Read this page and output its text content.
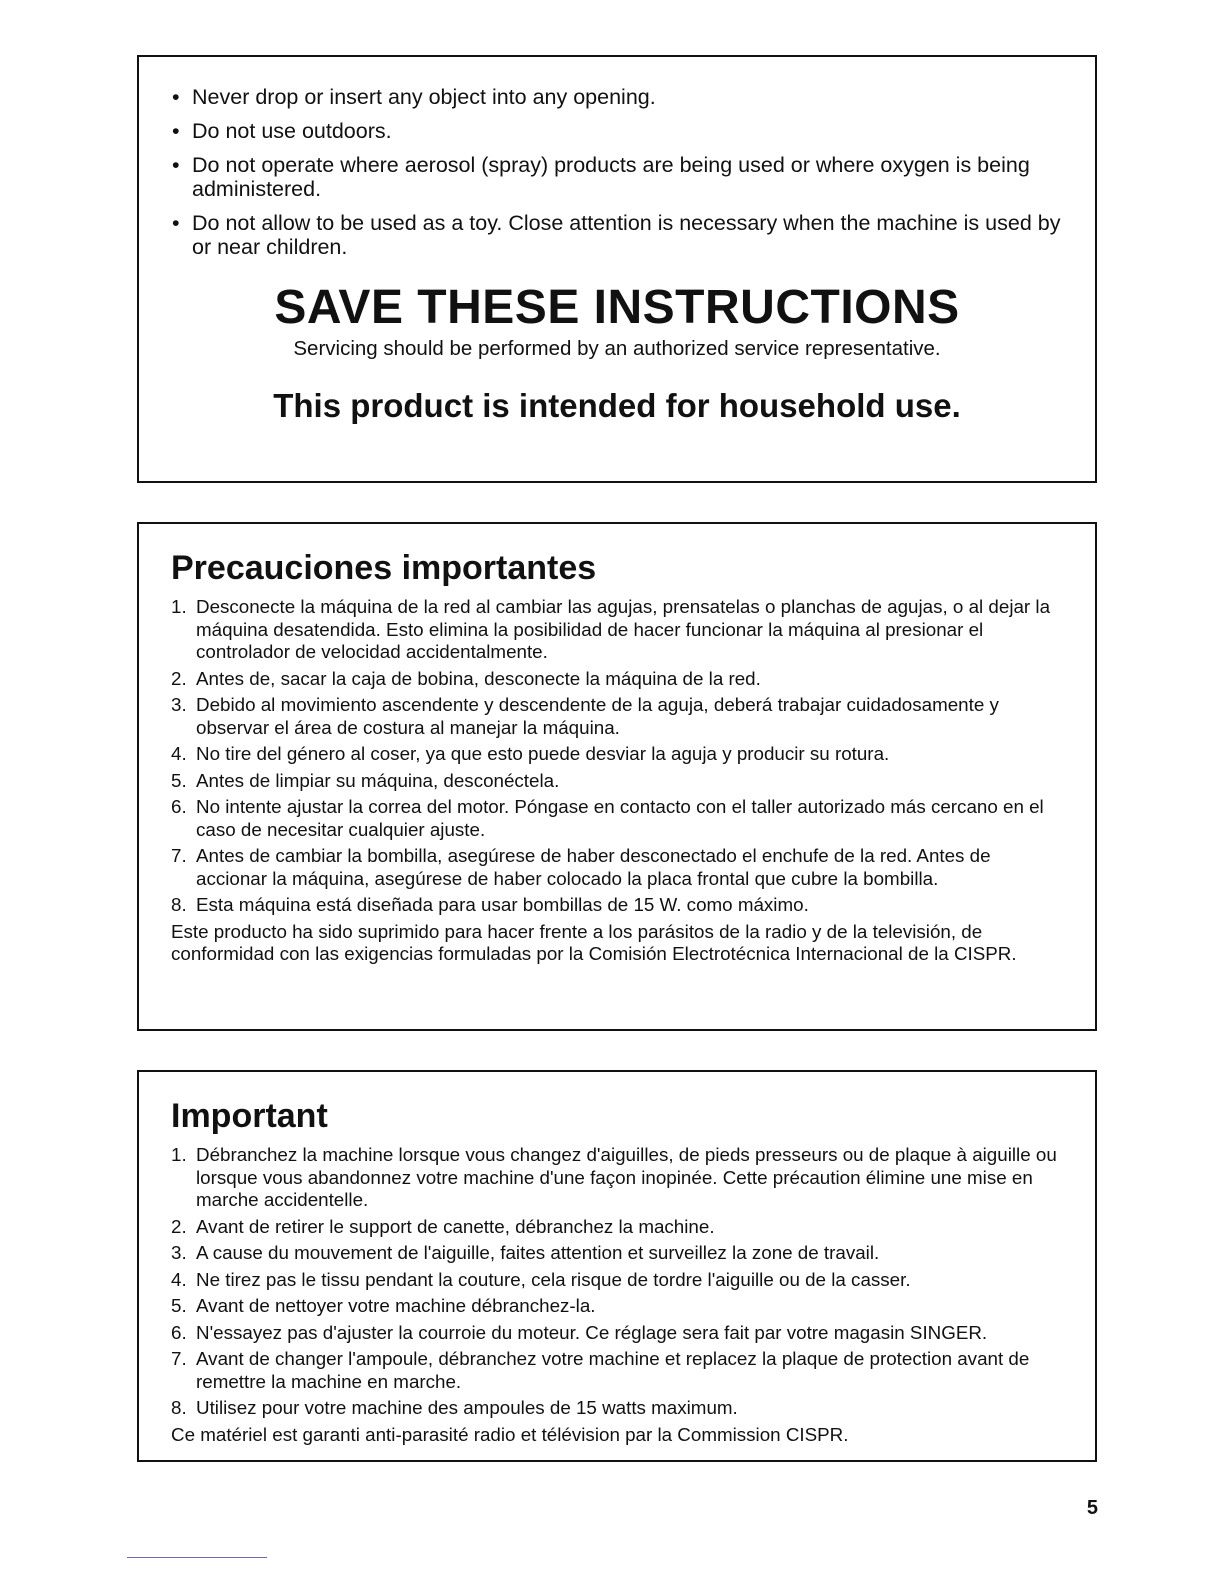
• Never drop or insert any object into any opening.
• Do not use outdoors.
• Do not operate where aerosol (spray) products are being used or where oxygen is being administered.
• Do not allow to be used as a toy. Close attention is necessary when the machine is used by or near children.
SAVE THESE INSTRUCTIONS
Servicing should be performed by an authorized service representative.
This product is intended for household use.
Precauciones importantes
1. Desconecte la máquina de la red al cambiar las agujas, prensatelas o planchas de agujas, o al dejar la máquina desatendida. Esto elimina la posibilidad de hacer funcionar la máquina al presionar el controlador de velocidad accidentalmente.
2. Antes de, sacar la caja de bobina, desconecte la máquina de la red.
3. Debido al movimiento ascendente y descendente de la aguja, deberá trabajar cuidadosamente y observar el área de costura al manejar la máquina.
4. No tire del género al coser, ya que esto puede desviar la aguja y producir su rotura.
5. Antes de limpiar su máquina, desconéctela.
6. No intente ajustar la correa del motor. Póngase en contacto con el taller autorizado más cercano en el caso de necesitar cualquier ajuste.
7. Antes de cambiar la bombilla, asegúrese de haber desconectado el enchufe de la red. Antes de accionar la máquina, asegúrese de haber colocado la placa frontal que cubre la bombilla.
8. Esta máquina está diseñada para usar bombillas de 15 W. como máximo.
Este producto ha sido suprimido para hacer frente a los parásitos de la radio y de la televisión, de conformidad con las exigencias formuladas por la Comisión Electrotécnica Internacional de la CISPR.
Important
1. Débranchez la machine lorsque vous changez d'aiguilles, de pieds presseurs ou de plaque à aiguille ou lorsque vous abandonnez votre machine d'une façon inopinée. Cette précaution élimine une mise en marche accidentelle.
2. Avant de retirer le support de canette, débranchez la machine.
3. A cause du mouvement de l'aiguille, faites attention et surveillez la zone de travail.
4. Ne tirez pas le tissu pendant la couture, cela risque de tordre l'aiguille ou de la casser.
5. Avant de nettoyer votre machine débranchez-la.
6. N'essayez pas d'ajuster la courroie du moteur. Ce réglage sera fait par votre magasin SINGER.
7. Avant de changer l'ampoule, débranchez votre machine et replacez la plaque de protection avant de remettre la machine en marche.
8. Utilisez pour votre machine des ampoules de 15 watts maximum.
Ce matériel est garanti anti-parasité radio et télévision par la Commission CISPR.
5
